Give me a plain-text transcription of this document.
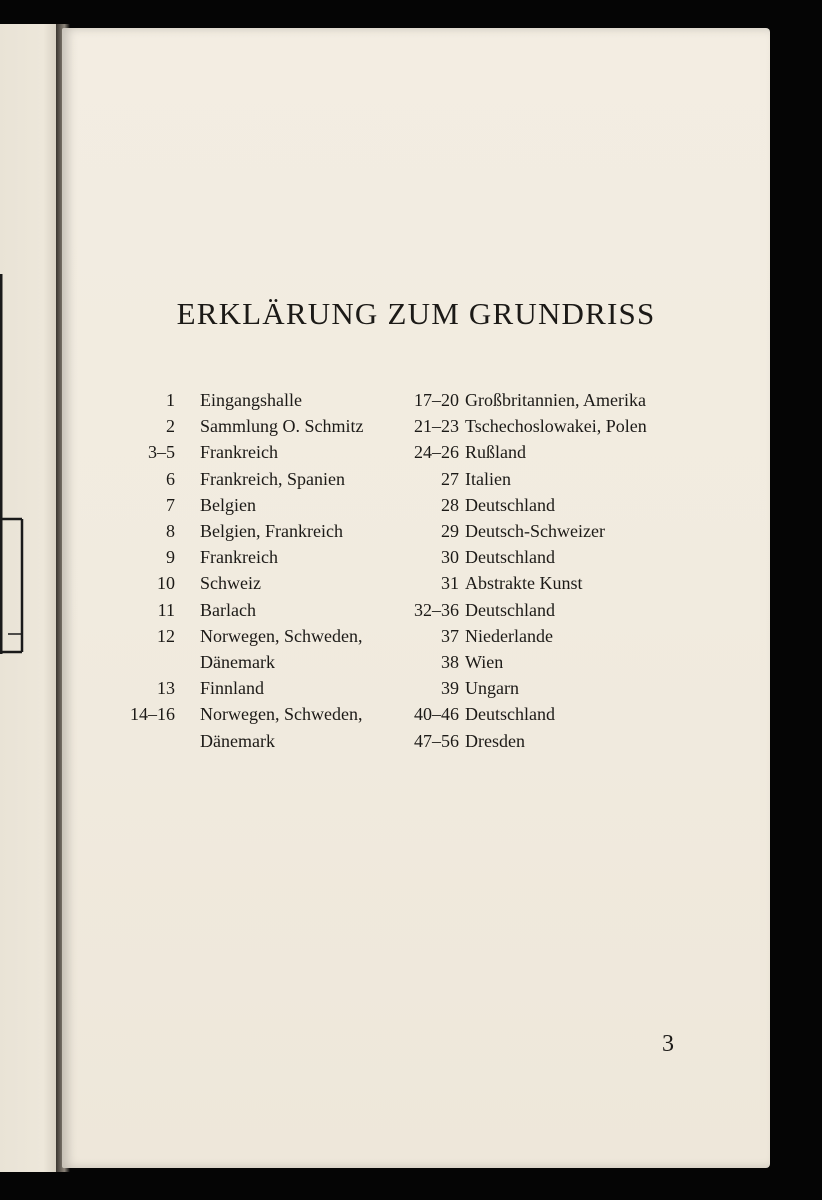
ERKLÄRUNG ZUM GRUNDRISS
1 Eingangshalle
2 Sammlung O. Schmitz
3–5 Frankreich
6 Frankreich, Spanien
7 Belgien
8 Belgien, Frankreich
9 Frankreich
10 Schweiz
11 Barlach
12 Norwegen, Schweden,
Dänemark
13 Finnland
14–16 Norwegen, Schweden,
Dänemark
17–20 Großbritannien, Amerika
21–23 Tschechoslowakei, Polen
24–26 Rußland
27 Italien
28 Deutschland
29 Deutsch-Schweizer
30 Deutschland
31 Abstrakte Kunst
32–36 Deutschland
37 Niederlande
38 Wien
39 Ungarn
40–46 Deutschland
47–56 Dresden
3
